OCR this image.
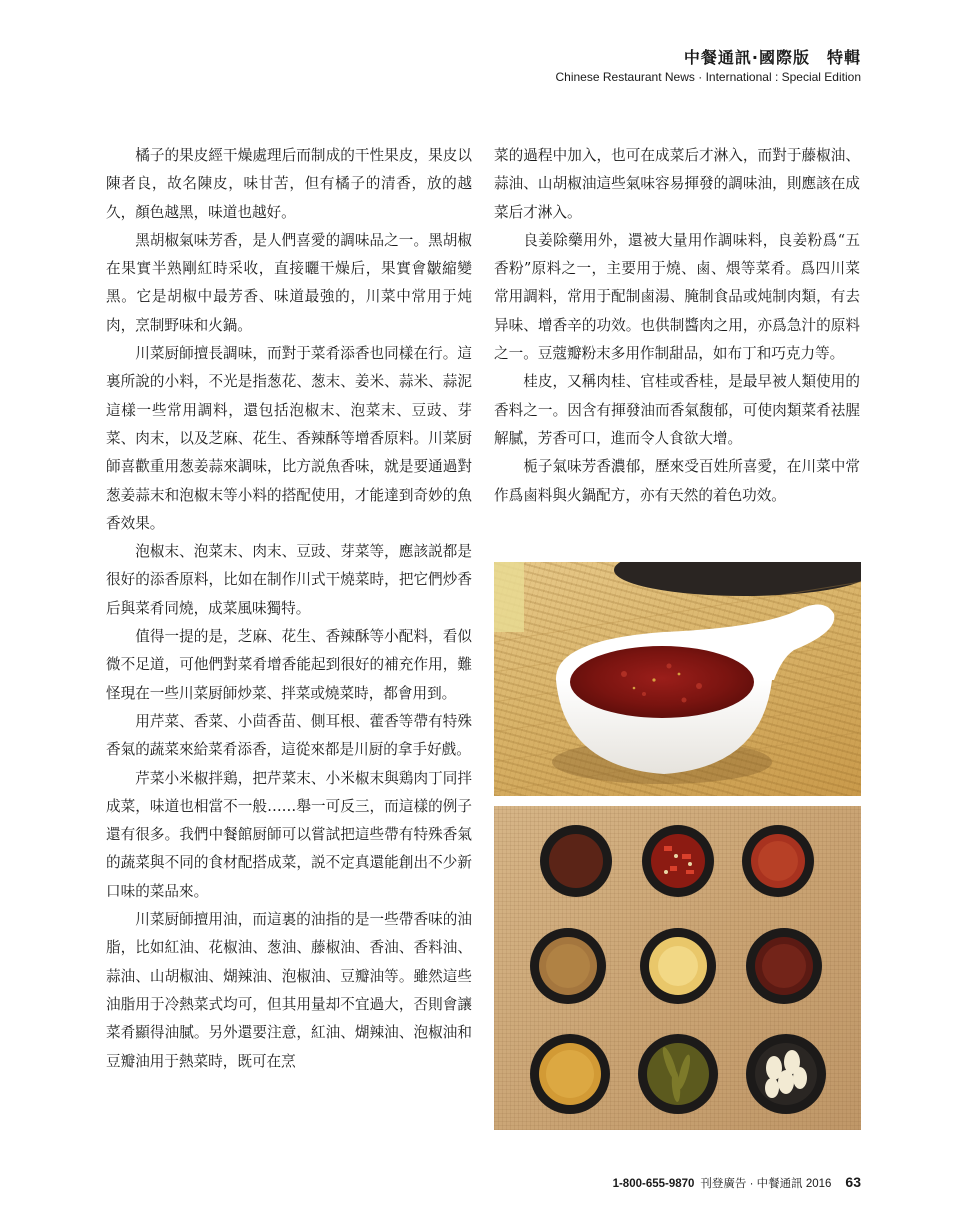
中餐通訊·國際版　特輯
Chinese Restaurant News · International : Special Edition

橘子的果皮經干燥處理后而制成的干性果皮，果皮以陳者良，故名陳皮，味甘苦，但有橘子的清香，放的越久，顏色越黑，味道也越好。

黑胡椒氣味芳香，是人們喜愛的調味品之一。黑胡椒在果實半熟剛紅時采收，直接曬干燥后，果實會皺縮變黑。它是胡椒中最芳香、味道最強的，川菜中常用于炖肉，烹制野味和火鍋。

川菜厨師擅長調味，而對于菜肴添香也同樣在行。這裏所說的小料，不光是指葱花、葱末、姜米、蒜米、蒜泥這樣一些常用調料，還包括泡椒末、泡菜末、豆豉、芽菜、肉末，以及芝麻、花生、香辣酥等增香原料。川菜厨師喜歡重用葱姜蒜來調味，比方説魚香味，就是要通過對葱姜蒜末和泡椒末等小料的搭配使用，才能達到奇妙的魚香效果。

泡椒末、泡菜末、肉末、豆豉、芽菜等，應該説都是很好的添香原料，比如在制作川式干燒菜時，把它們炒香后與菜肴同燒，成菜風味獨特。

值得一提的是，芝麻、花生、香辣酥等小配料，看似微不足道，可他們對菜肴增香能起到很好的補充作用，難怪現在一些川菜厨師炒菜、拌菜或燒菜時，都會用到。

用芹菜、香菜、小茴香苗、側耳根、藿香等帶有特殊香氣的蔬菜來給菜肴添香，這從來都是川厨的拿手好戲。

芹菜小米椒拌鶏，把芹菜末、小米椒末與鶏肉丁同拌成菜，味道也相當不一般……舉一可反三，而這樣的例子還有很多。我們中餐館厨師可以嘗試把這些帶有特殊香氣的蔬菜與不同的食材配搭成菜，説不定真還能創出不少新口味的菜品來。

川菜厨師擅用油，而這裏的油指的是一些帶香味的油脂，比如紅油、花椒油、葱油、藤椒油、香油、香料油、蒜油、山胡椒油、煳辣油、泡椒油、豆瓣油等。雖然這些油脂用于冷熱菜式均可，但其用量却不宜過大，否則會讓菜肴顯得油膩。另外還要注意，紅油、煳辣油、泡椒油和豆瓣油用于熱菜時，既可在烹

菜的過程中加入，也可在成菜后才淋入，而對于藤椒油、蒜油、山胡椒油這些氣味容易揮發的調味油，則應該在成菜后才淋入。

良姜除藥用外，還被大量用作調味料，良姜粉爲“五香粉”原料之一，主要用于燒、鹵、煨等菜肴。爲四川菜常用調料，常用于配制鹵湯、腌制食品或炖制肉類，有去异味、增香辛的功效。也供制醬肉之用，亦爲急汁的原料之一。豆蔻瓣粉末多用作制甜品，如布丁和巧克力等。

桂皮，又稱肉桂、官桂或香桂，是最早被人類使用的香料之一。因含有揮發油而香氣馥郁，可使肉類菜肴祛腥解膩，芳香可口，進而令人食欲大增。

栀子氣味芳香濃郁，歷來受百姓所喜愛，在川菜中常作爲鹵料與火鍋配方，亦有天然的着色功效。

1-800-655-9870 刊登廣告 · 中餐通訊 2016 63
